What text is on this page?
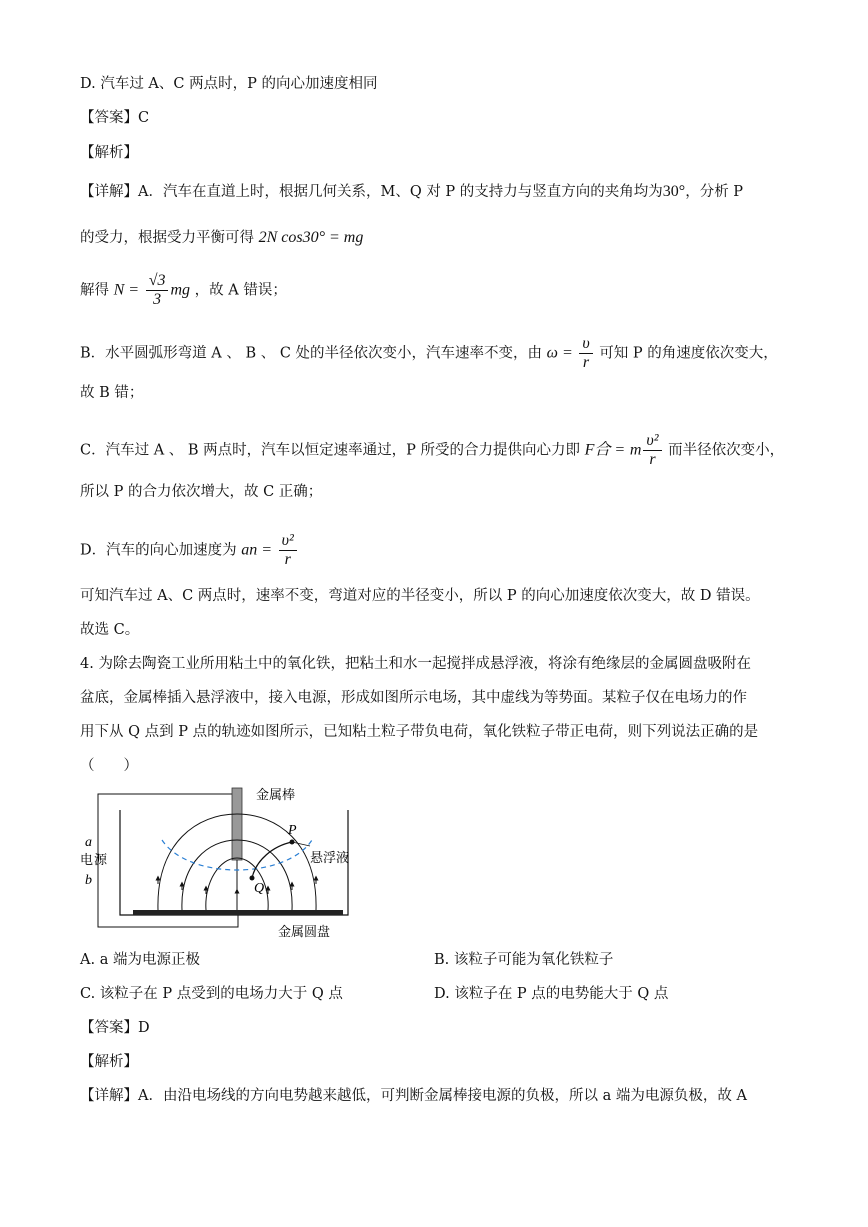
D. 汽车过 A、C 两点时，P 的向心加速度相同
【答案】C
【解析】
【详解】A．汽车在直道上时，根据几何关系，M、Q 对 P 的支持力与竖直方向的夹角均为30°，分析 P
的受力，根据受力平衡可得 2N cos30° = mg
解得 $N = \frac{√3}{3}$ mg ，故 A 错误；
B．水平圆弧形弯道 A 、 B 、 C 处的半径依次变小，汽车速率不变，由 $\omega = \frac{\upsilon}{r}$ 可知 P 的角速度依次变大，
故 B 错；
C．汽车过 A 、 B 两点时，汽车以恒定速率通过，P 所受的合力提供向心力即 F合 = m $\frac{\text{υ²}}{r}$ 而半径依次变小，
所以 P 的合力依次增大，故 C 正确；
D．汽车的向心加速度为 an = $\frac{\text{υ²}}{r}$
可知汽车过 A、C 两点时，速率不变，弯道对应的半径变小，所以 P 的向心加速度依次变大，故 D 错误。
故选 C。
4. 为除去陶瓷工业所用粘土中的氧化铁，把粘土和水一起搅拌成悬浮液，将涂有绝缘层的金属圆盘吸附在
盆底，金属棒插入悬浮液中，接入电源，形成如图所示电场，其中虚线为等势面。某粒子仅在电场力的作
用下从 Q 点到 P 点的轨迹如图所示，已知粘土粒子带负电荷，氧化铁粒子带正电荷，则下列说法正确的是
（　　）
金属棒
悬浮液
金属圆盘
a
电 源
b
P
Q
A. a 端为电源正极	B. 该粒子可能为氧化铁粒子
C. 该粒子在 P 点受到的电场力大于 Q 点	D. 该粒子在 P 点的电势能大于 Q 点
【答案】D
【解析】
【详解】A．由沿电场线的方向电势越来越低，可判断金属棒接电源的负极，所以 a 端为电源负极，故 A
